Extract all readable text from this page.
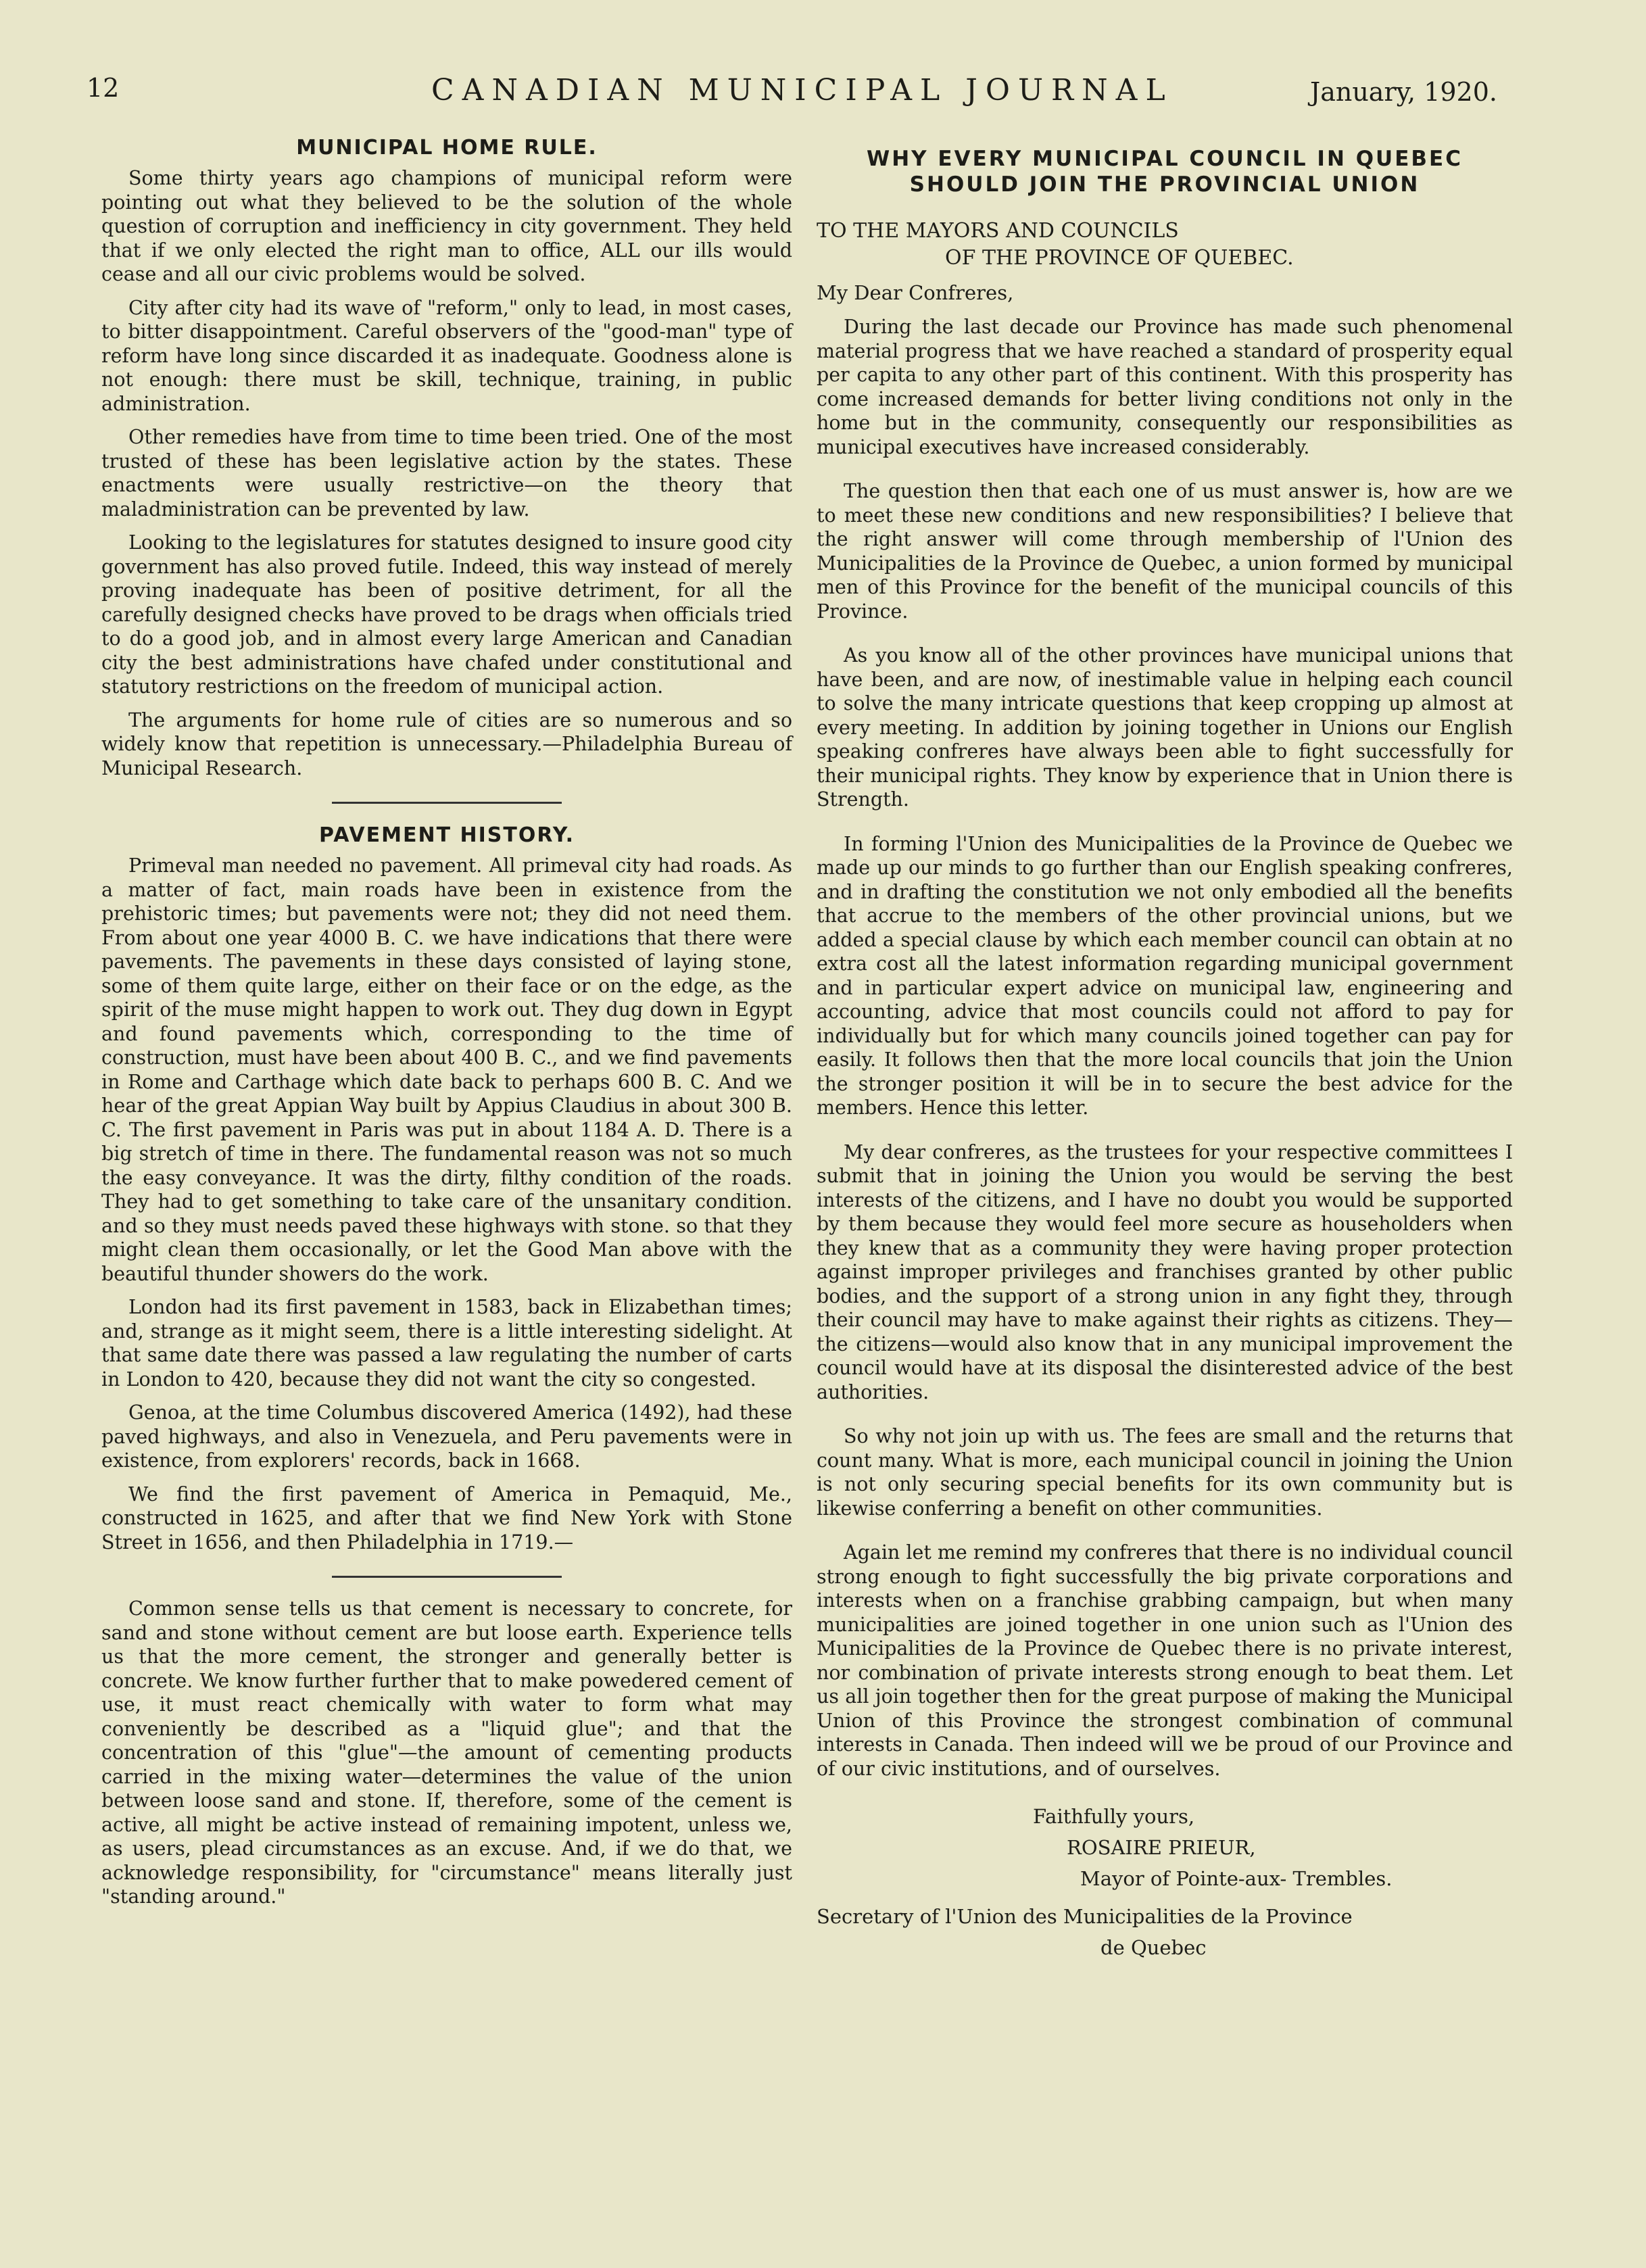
12	CANADIAN MUNICIPAL JOURNAL	January, 1920.
MUNICIPAL HOME RULE.

Some thirty years ago champions of municipal reform were pointing out what they believed to be the solution of the whole question of corruption and inefficiency in city government. They held that if we only elected the right man to office, ALL our ills would cease and all our civic problems would be solved.

City after city had its wave of "reform," only to lead, in most cases, to bitter disappointment. Careful observers of the "good-man" type of reform have long since discarded it as inadequate. Goodness alone is not enough: there must be skill, technique, training, in public administration.

Other remedies have from time to time been tried. One of the most trusted of these has been legislative action by the states. These enactments were usually restrictive—on the theory that maladministration can be prevented by law.

Looking to the legislatures for statutes designed to insure good city government has also proved futile. Indeed, this way instead of merely proving inadequate has been of positive detriment, for all the carefully designed checks have proved to be drags when officials tried to do a good job, and in almost every large American and Canadian city the best administrations have chafed under constitutional and statutory restrictions on the freedom of municipal action.

The arguments for home rule of cities are so numerous and so widely know that repetition is unnecessary.—Philadelphia Bureau of Municipal Research.

PAVEMENT HISTORY.

Primeval man needed no pavement. All primeval city had roads. As a matter of fact, main roads have been in existence from the prehistoric times; but pavements were not; they did not need them. From about one year 4000 B. C. we have indications that there were pavements. The pavements in these days consisted of laying stone, some of them quite large, either on their face or on the edge, as the spirit of the muse might happen to work out. They dug down in Egypt and found pavements which, corresponding to the time of construction, must have been about 400 B. C., and we find pavements in Rome and Carthage which date back to perhaps 600 B. C. And we hear of the great Appian Way built by Appius Claudius in about 300 B. C. The first pavement in Paris was put in about 1184 A. D. There is a big stretch of time in there. The fundamental reason was not so much the easy conveyance. It was the dirty, filthy condition of the roads. They had to get something to take care of the unsanitary condition. and so they must needs paved these highways with stone. so that they might clean them occasionally, or let the Good Man above with the beautiful thunder showers do the work.

London had its first pavement in 1583, back in Elizabethan times; and, strange as it might seem, there is a little interesting sidelight. At that same date there was passed a law regulating the number of carts in London to 420, because they did not want the city so congested.

Genoa, at the time Columbus discovered America (1492), had these paved highways, and also in Venezuela, and Peru pavements were in existence, from explorers' records, back in 1668.

We find the first pavement of America in Pemaquid, Me., constructed in 1625, and after that we find New York with Stone Street in 1656, and then Philadelphia in 1719.—

Common sense tells us that cement is necessary to concrete, for sand and stone without cement are but loose earth. Experience tells us that the more cement, the stronger and generally better is concrete. We know further further that to make powedered cement of use, it must react chemically with water to form what may conveniently be described as a "liquid glue"; and that the concentration of this "glue"—the amount of cementing products carried in the mixing water—determines the value of the union between loose sand and stone. If, therefore, some of the cement is active, all might be active instead of remaining impotent, unless we, as users, plead circumstances as an excuse. And, if we do that, we acknowledge responsibility, for "circumstance" means literally just "standing around."

WHY EVERY MUNICIPAL COUNCIL IN QUEBEC SHOULD JOIN THE PROVINCIAL UNION
TO THE MAYORS AND COUNCILS
OF THE PROVINCE OF QUEBEC.
My Dear Confreres,

During the last decade our Province has made such phenomenal material progress that we have reached a standard of prosperity equal per capita to any other part of this continent. With this prosperity has come increased demands for better living conditions not only in the home but in the community, consequently our responsibilities as municipal executives have increased considerably.

The question then that each one of us must answer is, how are we to meet these new conditions and new responsibilities? I believe that the right answer will come through membership of l'Union des Municipalities de la Province de Quebec, a union formed by municipal men of this Province for the benefit of the municipal councils of this Province.

As you know all of the other provinces have municipal unions that have been, and are now, of inestimable value in helping each council to solve the many intricate questions that keep cropping up almost at every meeting. In addition by joining together in Unions our English speaking confreres have always been able to fight successfully for their municipal rights. They know by experience that in Union there is Strength.

In forming l'Union des Municipalities de la Province de Quebec we made up our minds to go further than our English speaking confreres, and in drafting the constitution we not only embodied all the benefits that accrue to the members of the other provincial unions, but we added a special clause by which each member council can obtain at no extra cost all the latest information regarding municipal government and in particular expert advice on municipal law, engineering and accounting, advice that most councils could not afford to pay for individually but for which many councils joined together can pay for easily. It follows then that the more local councils that join the Union the stronger position it will be in to secure the best advice for the members. Hence this letter.

My dear confreres, as the trustees for your respective committees I submit that in joining the Union you would be serving the best interests of the citizens, and I have no doubt you would be supported by them because they would feel more secure as householders when they knew that as a community they were having proper protection against improper privileges and franchises granted by other public bodies, and the support of a strong union in any fight they, through their council may have to make against their rights as citizens. They—the citizens—would also know that in any municipal improvement the council would have at its disposal the disinterested advice of the best authorities.

So why not join up with us. The fees are small and the returns that count many. What is more, each municipal council in joining the Union is not only securing special benefits for its own community but is likewise conferring a benefit on other communities.

Again let me remind my confreres that there is no individual council strong enough to fight successfully the big private corporations and interests when on a franchise grabbing campaign, but when many municipalities are joined together in one union such as l'Union des Municipalities de la Province de Quebec there is no private interest, nor combination of private interests strong enough to beat them. Let us all join together then for the great purpose of making the Municipal Union of this Province the strongest combination of communal interests in Canada. Then indeed will we be proud of our Province and of our civic institutions, and of ourselves.

Faithfully yours,
ROSAIRE PRIEUR,
Mayor of Pointe-aux- Trembles.
Secretary of l'Union des Municipalities de la Province
de Quebec
